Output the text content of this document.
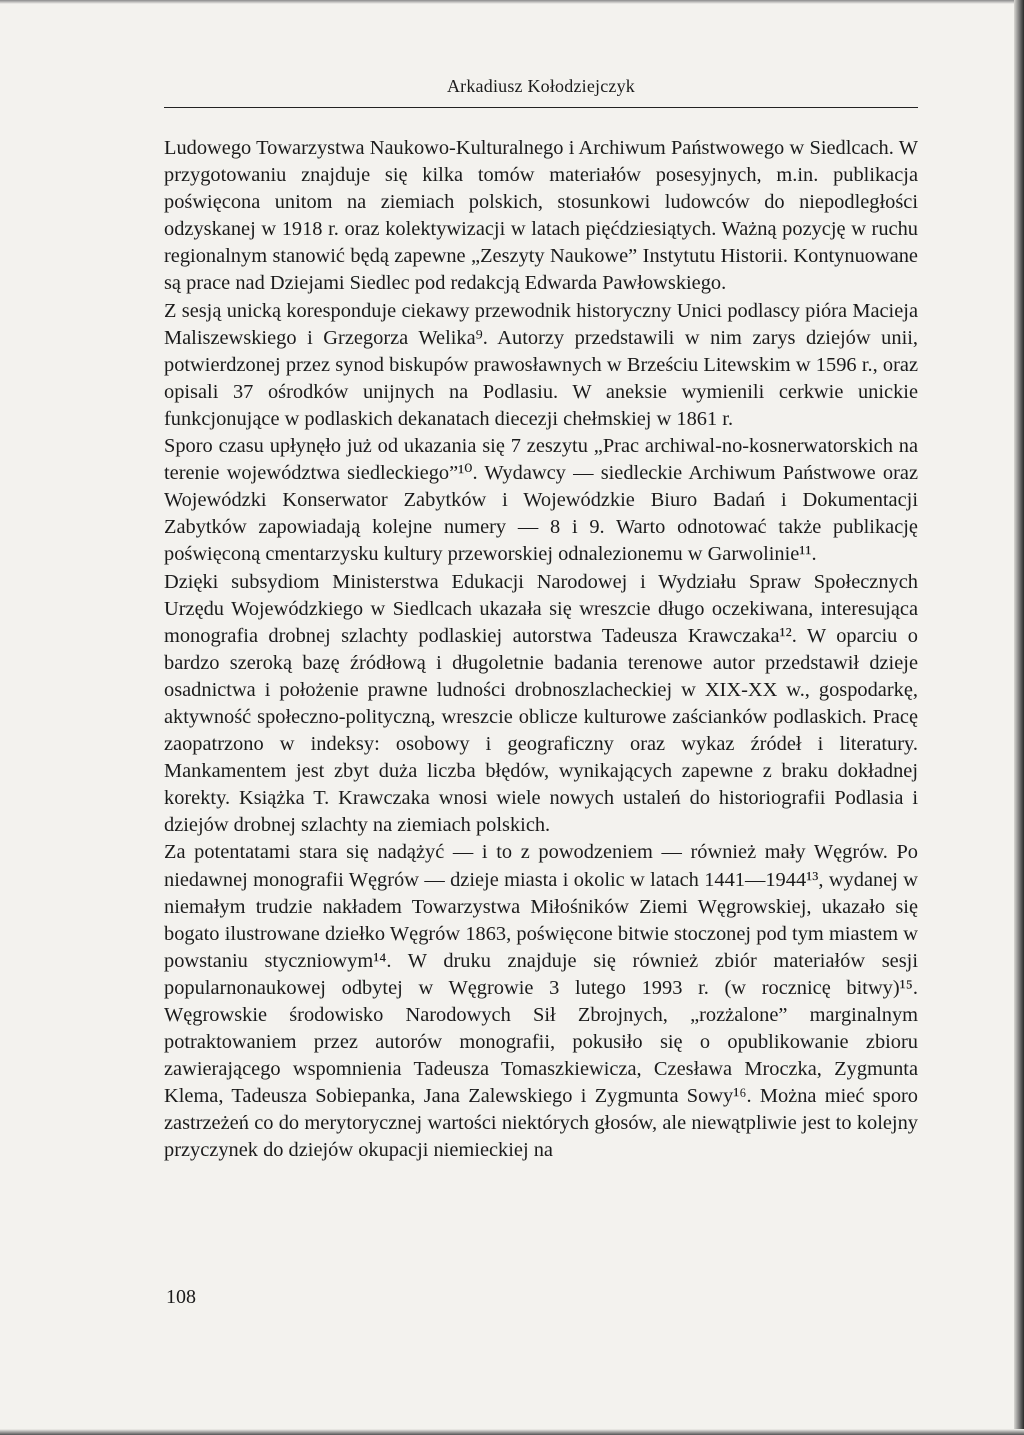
Arkadiusz Kołodziejczyk

Ludowego Towarzystwa Naukowo-Kulturalnego i Archiwum Państwowego w Siedlcach. W przygotowaniu znajduje się kilka tomów materiałów posesyjnych, m.in. publikacja poświęcona unitom na ziemiach polskich, stosunkowi ludowców do niepodległości odzyskanej w 1918 r. oraz kolektywizacji w latach pięćdziesiątych. Ważną pozycję w ruchu regionalnym stanowić będą zapewne „Zeszyty Naukowe” Instytutu Historii. Kontynuowane są prace nad Dziejami Siedlec pod redakcją Edwarda Pawłowskiego.

Z sesją unicką koresponduje ciekawy przewodnik historyczny Unici podlascy pióra Macieja Maliszewskiego i Grzegorza Welika⁹. Autorzy przedstawili w nim zarys dziejów unii, potwierdzonej przez synod biskupów prawosławnych w Brześciu Litewskim w 1596 r., oraz opisali 37 ośrodków unijnych na Podlasiu. W aneksie wymienili cerkwie unickie funkcjonujące w podlaskich dekanatach diecezji chełmskiej w 1861 r.

Sporo czasu upłynęło już od ukazania się 7 zeszytu „Prac archiwal-no-kosnerwatorskich na terenie województwa siedleckiego”¹⁰. Wydawcy — siedleckie Archiwum Państwowe oraz Wojewódzki Konserwator Zabytków i Wojewódzkie Biuro Badań i Dokumentacji Zabytków zapowiadają kolejne numery — 8 i 9. Warto odnotować także publikację poświęconą cmentarzysku kultury przeworskiej odnalezionemu w Garwolinie¹¹.

Dzięki subsydiom Ministerstwa Edukacji Narodowej i Wydziału Spraw Społecznych Urzędu Wojewódzkiego w Siedlcach ukazała się wreszcie długo oczekiwana, interesująca monografia drobnej szlachty podlaskiej autorstwa Tadeusza Krawczaka¹². W oparciu o bardzo szeroką bazę źródłową i długoletnie badania terenowe autor przedstawił dzieje osadnictwa i położenie prawne ludności drobnoszlacheckiej w XIX-XX w., gospodarkę, aktywność społeczno-polityczną, wreszcie oblicze kulturowe zaścianków podlaskich. Pracę zaopatrzono w indeksy: osobowy i geograficzny oraz wykaz źródeł i literatury. Mankamentem jest zbyt duża liczba błędów, wynikających zapewne z braku dokładnej korekty. Książka T. Krawczaka wnosi wiele nowych ustaleń do historiografii Podlasia i dziejów drobnej szlachty na ziemiach polskich.

Za potentatami stara się nadążyć — i to z powodzeniem — również mały Węgrów. Po niedawnej monografii Węgrów — dzieje miasta i okolic w latach 1441—1944¹³, wydanej w niemałym trudzie nakładem Towarzystwa Miłośników Ziemi Węgrowskiej, ukazało się bogato ilustrowane dziełko Węgrów 1863, poświęcone bitwie stoczonej pod tym miastem w powstaniu styczniowym¹⁴. W druku znajduje się również zbiór materiałów sesji popularnonaukowej odbytej w Węgrowie 3 lutego 1993 r. (w rocznicę bitwy)¹⁵. Węgrowskie środowisko Narodowych Sił Zbrojnych, „rozżalone” marginalnym potraktowaniem przez autorów monografii, pokusiło się o opublikowanie zbioru zawierającego wspomnienia Tadeusza Tomaszkiewicza, Czesława Mroczka, Zygmunta Klema, Tadeusza Sobiepanka, Jana Zalewskiego i Zygmunta Sowy¹⁶. Można mieć sporo zastrzeżeń co do merytorycznej wartości niektórych głosów, ale niewątpliwie jest to kolejny przyczynek do dziejów okupacji niemieckiej na

108
